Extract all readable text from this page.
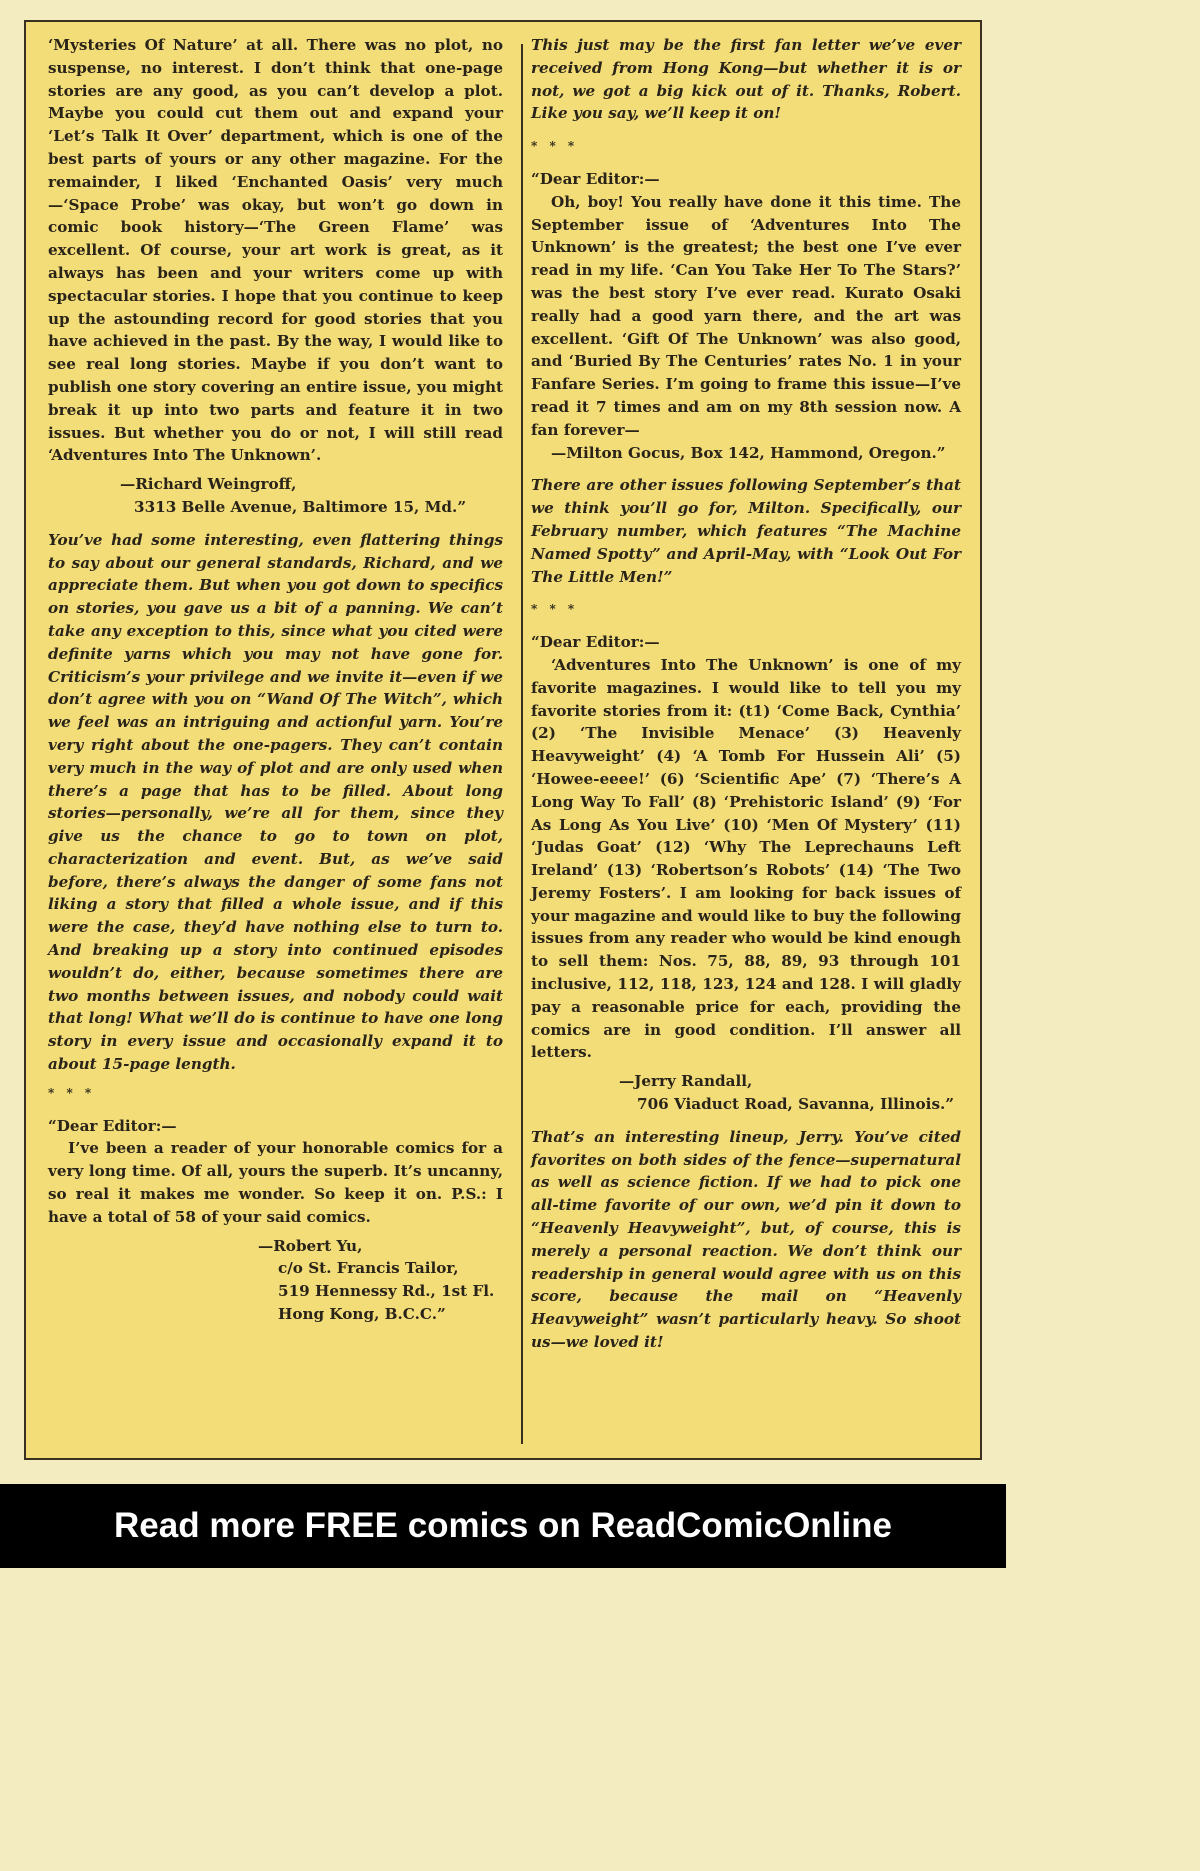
‘Mysteries Of Nature’ at all. There was no plot, no suspense, no interest. I don’t think that one-page stories are any good, as you can’t develop a plot. Maybe you could cut them out and expand your ‘Let’s Talk It Over’ department, which is one of the best parts of yours or any other magazine. For the remainder, I liked ‘Enchanted Oasis’ very much—‘Space Probe’ was okay, but won’t go down in comic book history—‘The Green Flame’ was excellent. Of course, your art work is great, as it always has been and your writers come up with spectacular stories. I hope that you continue to keep up the astounding record for good stories that you have achieved in the past. By the way, I would like to see real long stories. Maybe if you don’t want to publish one story covering an entire issue, you might break it up into two parts and feature it in two issues. But whether you do or not, I will still read ‘Adventures Into The Unknown’.

—Richard Weingroff,

3313 Belle Avenue, Baltimore 15, Md.”

You’ve had some interesting, even flattering things to say about our general standards, Richard, and we appreciate them. But when you got down to specifics on stories, you gave us a bit of a panning. We can’t take any exception to this, since what you cited were definite yarns which you may not have gone for. Criticism’s your privilege and we invite it—even if we don’t agree with you on “Wand Of The Witch”, which we feel was an intriguing and actionful yarn. You’re very right about the one-pagers. They can’t contain very much in the way of plot and are only used when there’s a page that has to be filled. About long stories—personally, we’re all for them, since they give us the chance to go to town on plot, characterization and event. But, as we’ve said before, there’s always the danger of some fans not liking a story that filled a whole issue, and if this were the case, they’d have nothing else to turn to. And breaking up a story into continued episodes wouldn’t do, either, because sometimes there are two months between issues, and nobody could wait that long! What we’ll do is continue to have one long story in every issue and occasionally expand it to about 15-page length.

* * *

“Dear Editor:—

I’ve been a reader of your honorable comics for a very long time. Of all, yours the superb. It’s uncanny, so real it makes me wonder. So keep it on. P.S.: I have a total of 58 of your said comics.

—Robert Yu,

c/o St. Francis Tailor,

519 Hennessy Rd., 1st Fl.

Hong Kong, B.C.C.”

This just may be the first fan letter we’ve ever received from Hong Kong—but whether it is or not, we got a big kick out of it. Thanks, Robert. Like you say, we’ll keep it on!

* * *

“Dear Editor:—

Oh, boy! You really have done it this time. The September issue of ‘Adventures Into The Unknown’ is the greatest; the best one I’ve ever read in my life. ‘Can You Take Her To The Stars?’ was the best story I’ve ever read. Kurato Osaki really had a good yarn there, and the art was excellent. ‘Gift Of The Unknown’ was also good, and ‘Buried By The Centuries’ rates No. 1 in your Fanfare Series. I’m going to frame this issue—I’ve read it 7 times and am on my 8th session now. A fan forever—

—Milton Gocus, Box 142, Hammond, Oregon.”

There are other issues following September’s that we think you’ll go for, Milton. Specifically, our February number, which features “The Machine Named Spotty” and April-May, with “Look Out For The Little Men!”

* * *

“Dear Editor:—

‘Adventures Into The Unknown’ is one of my favorite magazines. I would like to tell you my favorite stories from it: (t1) ‘Come Back, Cynthia’ (2) ‘The Invisible Menace’ (3) Heavenly Heavyweight’ (4) ‘A Tomb For Hussein Ali’ (5) ‘Howee-eeee!’ (6) ‘Scientific Ape’ (7) ‘There’s A Long Way To Fall’ (8) ‘Prehistoric Island’ (9) ‘For As Long As You Live’ (10) ‘Men Of Mystery’ (11) ‘Judas Goat’ (12) ‘Why The Leprechauns Left Ireland’ (13) ‘Robertson’s Robots’ (14) ‘The Two Jeremy Fosters’. I am looking for back issues of your magazine and would like to buy the following issues from any reader who would be kind enough to sell them: Nos. 75, 88, 89, 93 through 101 inclusive, 112, 118, 123, 124 and 128. I will gladly pay a reasonable price for each, providing the comics are in good condition. I’ll answer all letters.

—Jerry Randall,

706 Viaduct Road, Savanna, Illinois.”

That’s an interesting lineup, Jerry. You’ve cited favorites on both sides of the fence—supernatural as well as science fiction. If we had to pick one all-time favorite of our own, we’d pin it down to “Heavenly Heavyweight”, but, of course, this is merely a personal reaction. We don’t think our readership in general would agree with us on this score, because the mail on “Heavenly Heavyweight” wasn’t particularly heavy. So shoot us—we loved it!

Read more FREE comics on ReadComicOnline
